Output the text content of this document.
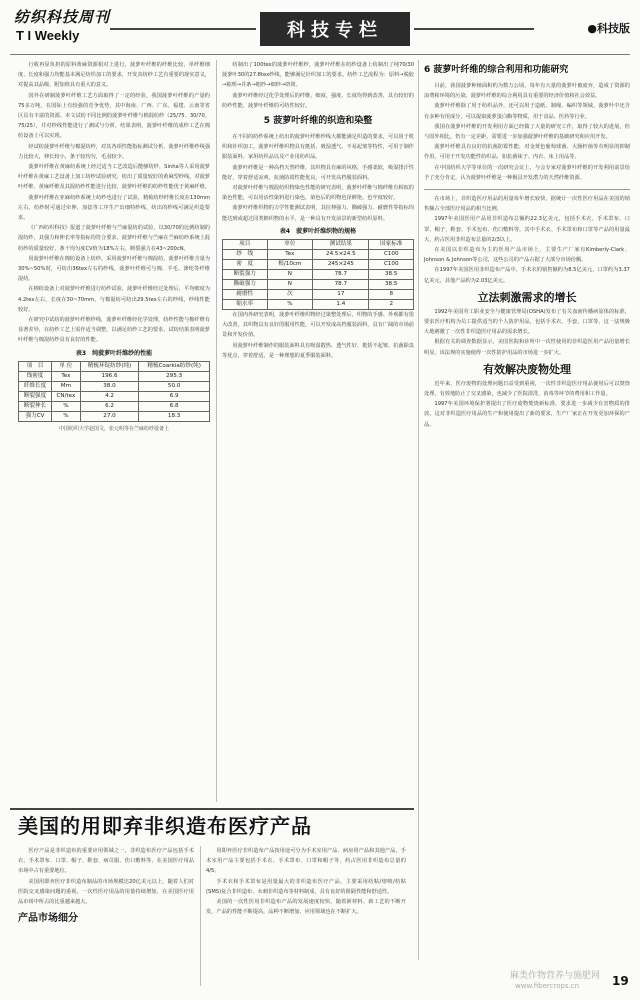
纺织科技周刊
T I Weekly	科技专栏	●科技版

行收再显负担的原料黄麻资源相对上进行，菠萝叶纤维的纤维比较，单纤维细度、长度和强力均能基本满足纺织加工的要求，开发其纺纱工艺有重要的现实意义，对提高其品级、附加值具有重大的意义。

国外在研制菠萝叶纤维工艺方面取得了一定的经验，我国菠萝叶纤维的产量约75多万吨，在国际上有较强的竞争优势，其中海南、广西、广东、福建、云南等省区具有丰富的资源。本文试纺不同比例的菠萝叶纤维与棉混纺纱（25/75、30/70、75/25），并对纱线性能进行了测试与分析，结果表明，菠萝叶纤维的成纱工艺在棉纺设备上可以实现。

经试纺菠萝叶纤维与棉混纺纱，对其各项性能指标测试分析，菠萝叶纤维纱线强力比较大，伸长较小，条干较均匀，毛羽较少。

菠萝叶纤维在黄麻纺系统上经过适当工艺改造后能够纺纱，Sinha等人采用菠萝叶纤维在黄麻工艺设备上加工纺纱试验研究，纺出了质量较好的黄麻型纱线。对菠萝叶纤维、黄麻纤维及其混纺纱性能进行比较，菠萝叶纤维的纺纱性能优于黄麻纤维。

菠萝叶纤维在亚麻纺纱系统上纺纱也进行了试验，精梳纺纱纤维长度在130mm左右，纺纱时可通过牵伸、加捻等工序生产出细特纱线，纺出的纱线可满足织造要求。

《广西纺织科技》报道了菠萝叶纤维与苎麻混纺的试验，以30/70的比例纺制的混纺纱，其强力和伸长率等指标均符合要求，菠萝叶纤维与苎麻在苎麻纺纱系统上混纺纱的质量较好，条干均匀度CV值为18%左右，断裂强力在43~200cN。

用菠萝叶纤维在棉纺设备上纺纱，采用菠萝叶纤维与棉混纺，菠萝叶纤维含量为30%~50%时，可纺出36tex左右的纱线，菠萝叶纤维可与棉、羊毛、涤纶等纤维混纺。

在棉纺设备上对菠萝叶纤维进行纺纱试验，菠萝叶纤维经过处理后，平均细度为4.2tex左右，长度在30~70mm，与棉混纺可纺出29.5tex左右的纱线，纱线性能较好。

在研究中试纺的菠萝叶纤维纱线，菠萝叶纤维经化学处理，纺纱性能与棉纤维有显著差异，在纺纱工艺上需作适当调整，以满足纺纱工艺的要求，试纺结果表明菠萝叶纤维与棉混纺纱具有良好的性能。

表3　纯菠萝叶纤维纱的性能
项　目	单 位	精梳环锭纺纱(纯)	精梳Coarkia纺纱(纯)
线密度	Tex	196.6	295.3
纤维长度	Mm	38.0	50.0
断裂强度	CN/tex	4.2	6.9
断裂伸长	%	6.2	6.8
强力CV	%	27.0	18.3
中国纺织大学赵国文，张元明等在苎麻纺纱设备上

纺制出了100tex的菠萝叶纤维纱，菠萝叶纤维在纺纱设备上纺制出了纯70/30菠萝叶30的27.8tex纱线，能够满足针织加工的要求。纺纱工艺流程为：原料→脱胶→梳理→并条→粗纱→细纱→络筒。

菠萝叶纤维经过化学处理后的纤维，细度、强度、长度均得到改善，具有较好的纺纱性能，菠萝叶纤维的可纺性较好。

5 菠萝叶纤维的织造和染整

在不同的纺纱系统上纺出的菠萝叶纤维纱线大都能满足织造的要求，可以用于机织和针织加工。菠萝叶纤维织物具有挺括、吸湿透气、不易起皱等特性，可用于制作服装面料、家用纺织品以及产业用纺织品。

菠萝叶纤维是一种高档天然纤维，其织物具有麻的风格，手感柔软，吸湿排汗性能好，穿着舒适凉爽，抗菌防霉性能优良，可开发高档服装面料。

对菠萝叶纤维与棉混纺织物染色性能的研究表明，菠萝叶纤维与棉纤维有相似的染色性能，可以用活性染料进行染色，染色后的织物色泽鲜艳，色牢度较好。

菠萝叶纤维织物的力学性能测试表明，其拉伸强力、撕破强力、耐磨性等指标均能达到或超过同类棉织物的水平，是一种具有开发前景的新型纺织原料。

表4　菠萝叶纤维织物的规格
项目	单位	测试结果	国家标准
纱　线	Tex	24.5×24.5	C100
密　度	根/10cm	245×245	C100
断裂强力	N	78.7	38.5
撕破强力	N	78.7	38.5
耐磨性	次	17	8
缩水率	%	1.4	2

在国内外研究表明，菠萝叶纤维织物经过染整处理后，织物的手感、外观都有很大改善，其织物具有良好的服用性能，可以开发成高档服装面料，具有广阔的市场前景和开发价值。

用菠萝叶纤维制作的服装面料具有吸湿散热、透气性好、挺括不起皱、抗菌除臭等优点，穿着舒适，是一种理想的夏季服装面料。

6 菠萝叶纤维的综合利用和功能研究

目前，我国菠萝种植面积约为数万公顷，每年有大量的菠萝叶被废弃，造成了资源的浪费和环境的污染。菠萝叶纤维的综合利用具有重要的经济价值和社会效益。

菠萝叶纤维除了用于纺织品外，还可以用于造纸、制绳、编织等领域，菠萝叶中还含有多种有用成分，可以提取菠萝蛋白酶等物质，用于食品、医药等行业。

我国在菠萝叶纤维的开发利用方面已经做了大量的研究工作，取得了较大的进展，但与国外相比，仍有一定差距，需要进一步加强菠萝叶纤维的基础研究和应用开发。

菠萝叶纤维具有良好的抗菌防霉性能，对金黄色葡萄球菌、大肠杆菌等有明显的抑制作用，可用于开发功能性纺织品，如抗菌袜子、内衣、床上用品等。

在中国纺织大学等单位的一次研究会议上，与会专家对菠萝叶纤维的开发利用前景给予了充分肯定，认为菠萝叶纤维是一种极具开发潜力的天然纤维资源。

在市场上，非织造医疗用品的用量每年增长较快，据统计一次性医疗用品在美国的销售额占全部医疗用品的相当比例。

1997年美国医用产品用非织造布总额约22.3亿美元，包括手术衣、手术罩布、口罩、帽子、鞋套、手术包布、伤口敷料等。其中手术衣、手术罩布和口罩等产品的用量最大，约占医用非织造布总量的2/3以上。

在美国以非织造布为主的医用产品市场上，主要生产厂家有Kimberly-Clark、Johnson & Johnson等公司，这些公司的产品占据了大部分市场份额。

在1997年美国医用非织造布产品中，手术衣的销售额约为8.5亿美元，口罩约为3.37亿美元，其他产品约为2.03亿美元。

立法刺激需求的增长

1992年美国劳工职业安全与健康管理局(OSHA)发布了有关血液传播病原体的标准，要求医疗机构为员工提供适当的个人防护用品，包括手术衣、手套、口罩等，这一法规极大地刺激了一次性非织造医疗用品的需求增长。

根据有关的调查数据显示，美国医院和诊所中一次性使用的非织造医用产品用量增长明显，该法规的实施使得一次性防护用品的市场进一步扩大。

有效解决废物处理

近年来，医疗废物的处理问题日益受到重视，一次性非织造医疗用品使用后可以焚烧处理，有效地防止了交叉感染，也减少了医院清洗、消毒等环节的费用和工作量。

1997年美国环境保护署提出了医疗废物焚烧新标准，要求进一步减少有害物质的排放，这对非织造医疗用品的生产和使用提出了新的要求，生产厂家正在开发更加环保的产品。

美国的用即弃非织造布医疗产品

医疗产品是非织造布的重要应用领域之一，非织造布医疗产品包括手术衣、手术罩布、口罩、帽子、鞋套、病员服、伤口敷料等，在美国医疗用品市场中占有重要地位。

美国用即弃医疗非织造布制品的市场规模达20亿美元以上，随着人们对医院交叉感染问题的重视，一次性医疗用品的用量持续增加，在美国医疗用品市场中所占的比重越来越大。

产品市场细分

用即弃医疗非织造布产品按用途可分为手术室用产品、病房用产品和其他产品，手术室用产品主要包括手术衣、手术罩布、口罩和帽子等，约占医用非织造布总量的4/5。

手术衣和手术罩布是用量最大的非织造布医疗产品，主要采用纺粘/熔喷/纺粘(SMS)复合非织造布、水刺非织造布等材料制成，具有良好的阻隔性能和舒适性。

美国的一次性医用非织造布产品的发展速度较快，随着新材料、新工艺的不断开发，产品的性能不断提高，品种不断增加，应用领域也在不断扩大。

麻类作物营养与施肥网
www.fibercrops.cn	19
